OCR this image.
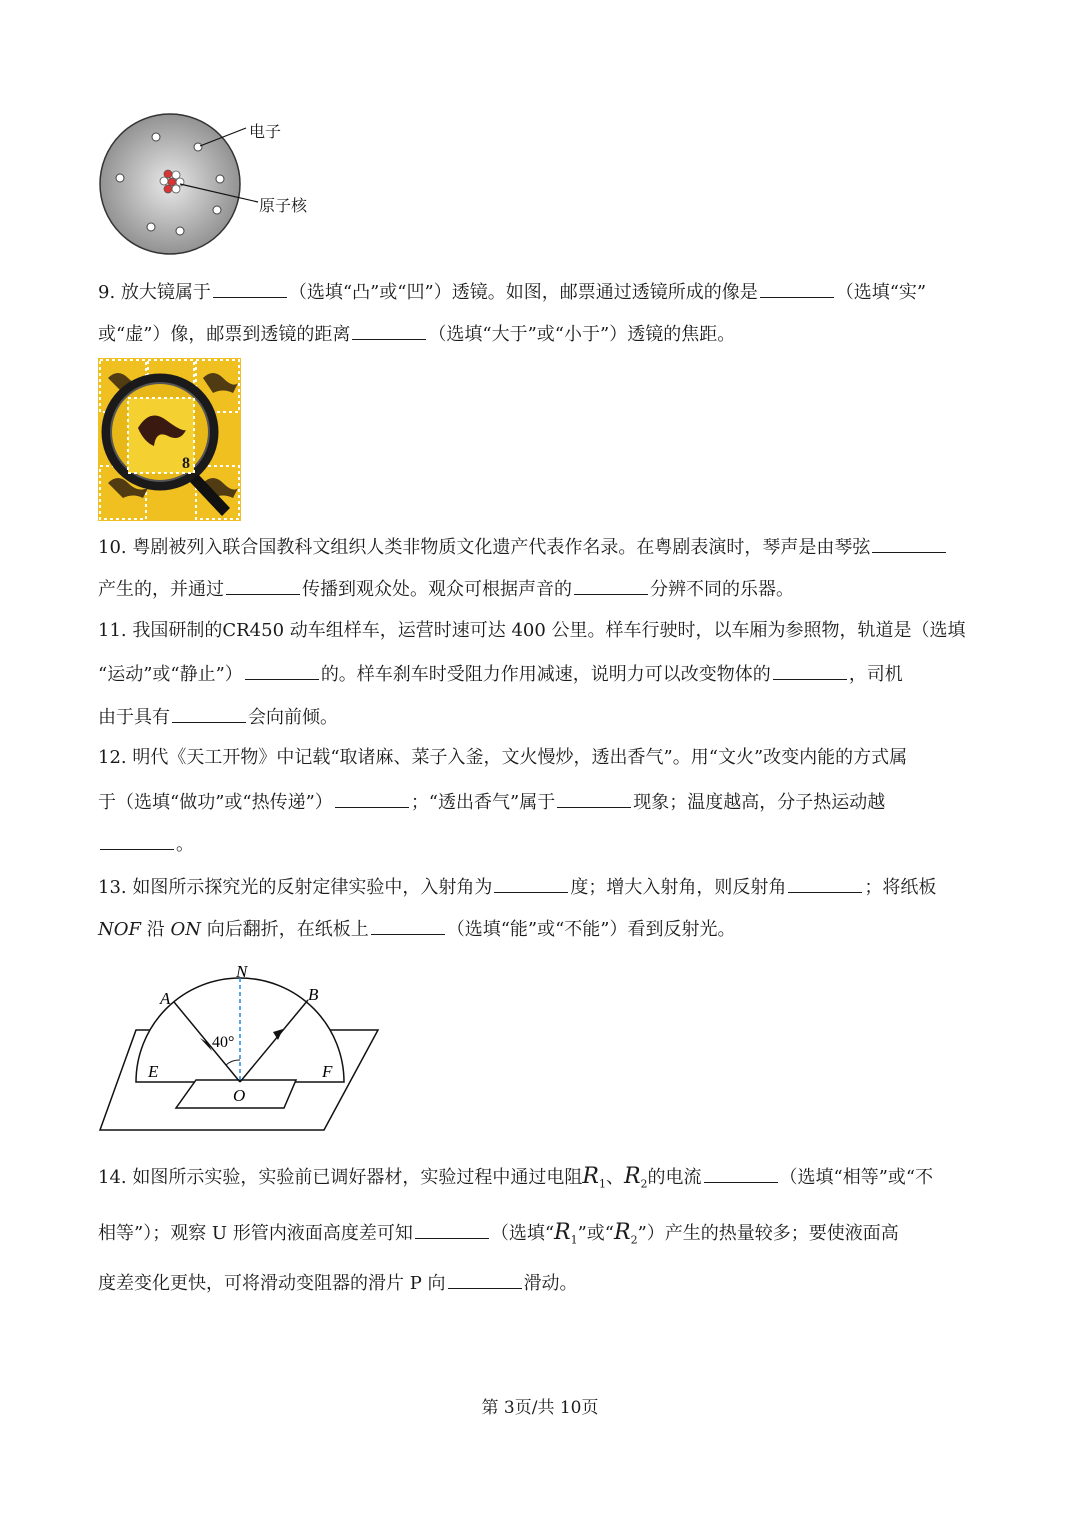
电子
原子核
9. 放大镜属于	（选填“凸”或“凹”）透镜。如图，邮票通过透镜所成的像是	（选填“实”
或“虚”）像，邮票到透镜的距离	（选填“大于”或“小于”）透镜的焦距。
8
10. 粤剧被列入联合国教科文组织人类非物质文化遗产代表作名录。在粤剧表演时，琴声是由琴弦
产生的，并通过	传播到观众处。观众可根据声音的	分辨不同的乐器。
11. 我国研制的CR450 动车组样车，运营时速可达 400 公里。样车行驶时，以车厢为参照物，轨道是（选填
“运动”或“静止”）	的。样车刹车时受阻力作用减速，说明力可以改变物体的	，司机
由于具有	会向前倾。
12. 明代《天工开物》中记载“取诸麻、菜子入釜，文火慢炒，透出香气”。用“文火”改变内能的方式属
于（选填“做功”或“热传递”）	；“透出香气”属于	现象；温度越高，分子热运动越
。
13. 如图所示探究光的反射定律实验中，入射角为	度；增大入射角，则反射角	；将纸板
NOF 沿 ON 向后翻折，在纸板上	（选填“能”或“不能”）看到反射光。
N
A	B
E	F
O
40°
14. 如图所示实验，实验前已调好器材，实验过程中通过电阻$R_1$、$R_2$的电流	（选填“相等”或“不
相等”）；观察 U 形管内液面高度差可知	（选填“$R_1$”或“$R_2$”）产生的热量较多；要使液面高
度差变化更快，可将滑动变阻器的滑片 P 向	滑动。
第 3页/共 10页
